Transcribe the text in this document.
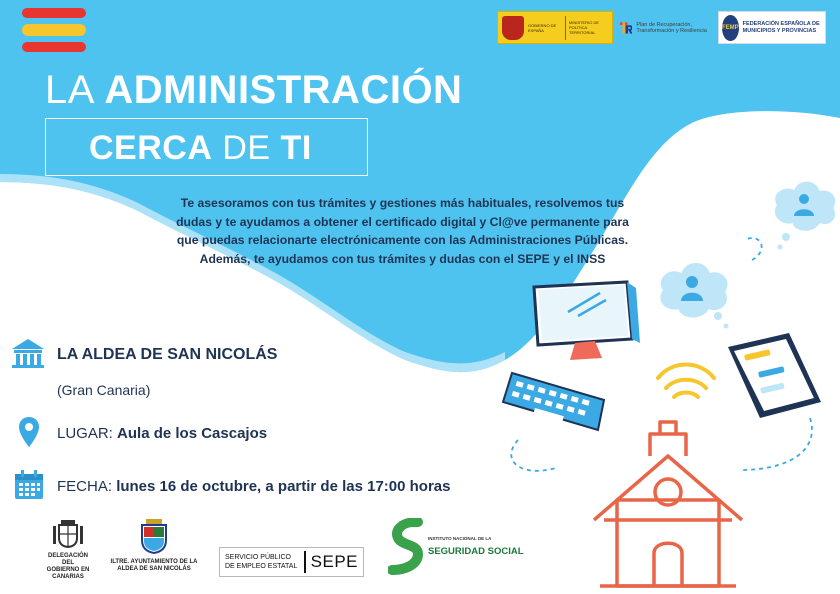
GOBIERNO DE ESPAÑA
MINISTERIO DE POLÍTICA TERRITORIAL
Plan de Recuperación, Transformación y Resiliencia
FEMP
FEDERACIÓN ESPAÑOLA DE MUNICIPIOS Y PROVINCIAS
LA ADMINISTRACIÓN
CERCA DE TI
Te asesoramos con tus trámites y gestiones más habituales, resolvemos tus dudas y te ayudamos a obtener el certificado digital y Cl@ve permanente para que puedas relacionarte electrónicamente con las Administraciones Públicas. Además, te ayudamos con tus trámites y dudas con el SEPE y el INSS
LA ALDEA DE SAN NICOLÁS
(Gran Canaria)
LUGAR: Aula de los Cascajos
FECHA: lunes 16 de octubre, a partir de las 17:00 horas
DELEGACIÓN DEL GOBIERNO EN CANARIAS
ILTRE. AYUNTAMIENTO DE LA ALDEA DE SAN NICOLÁS
SERVICIO PÚBLICO DE EMPLEO ESTATAL SEPE
INSTITUTO NACIONAL DE LA
SEGURIDAD SOCIAL
